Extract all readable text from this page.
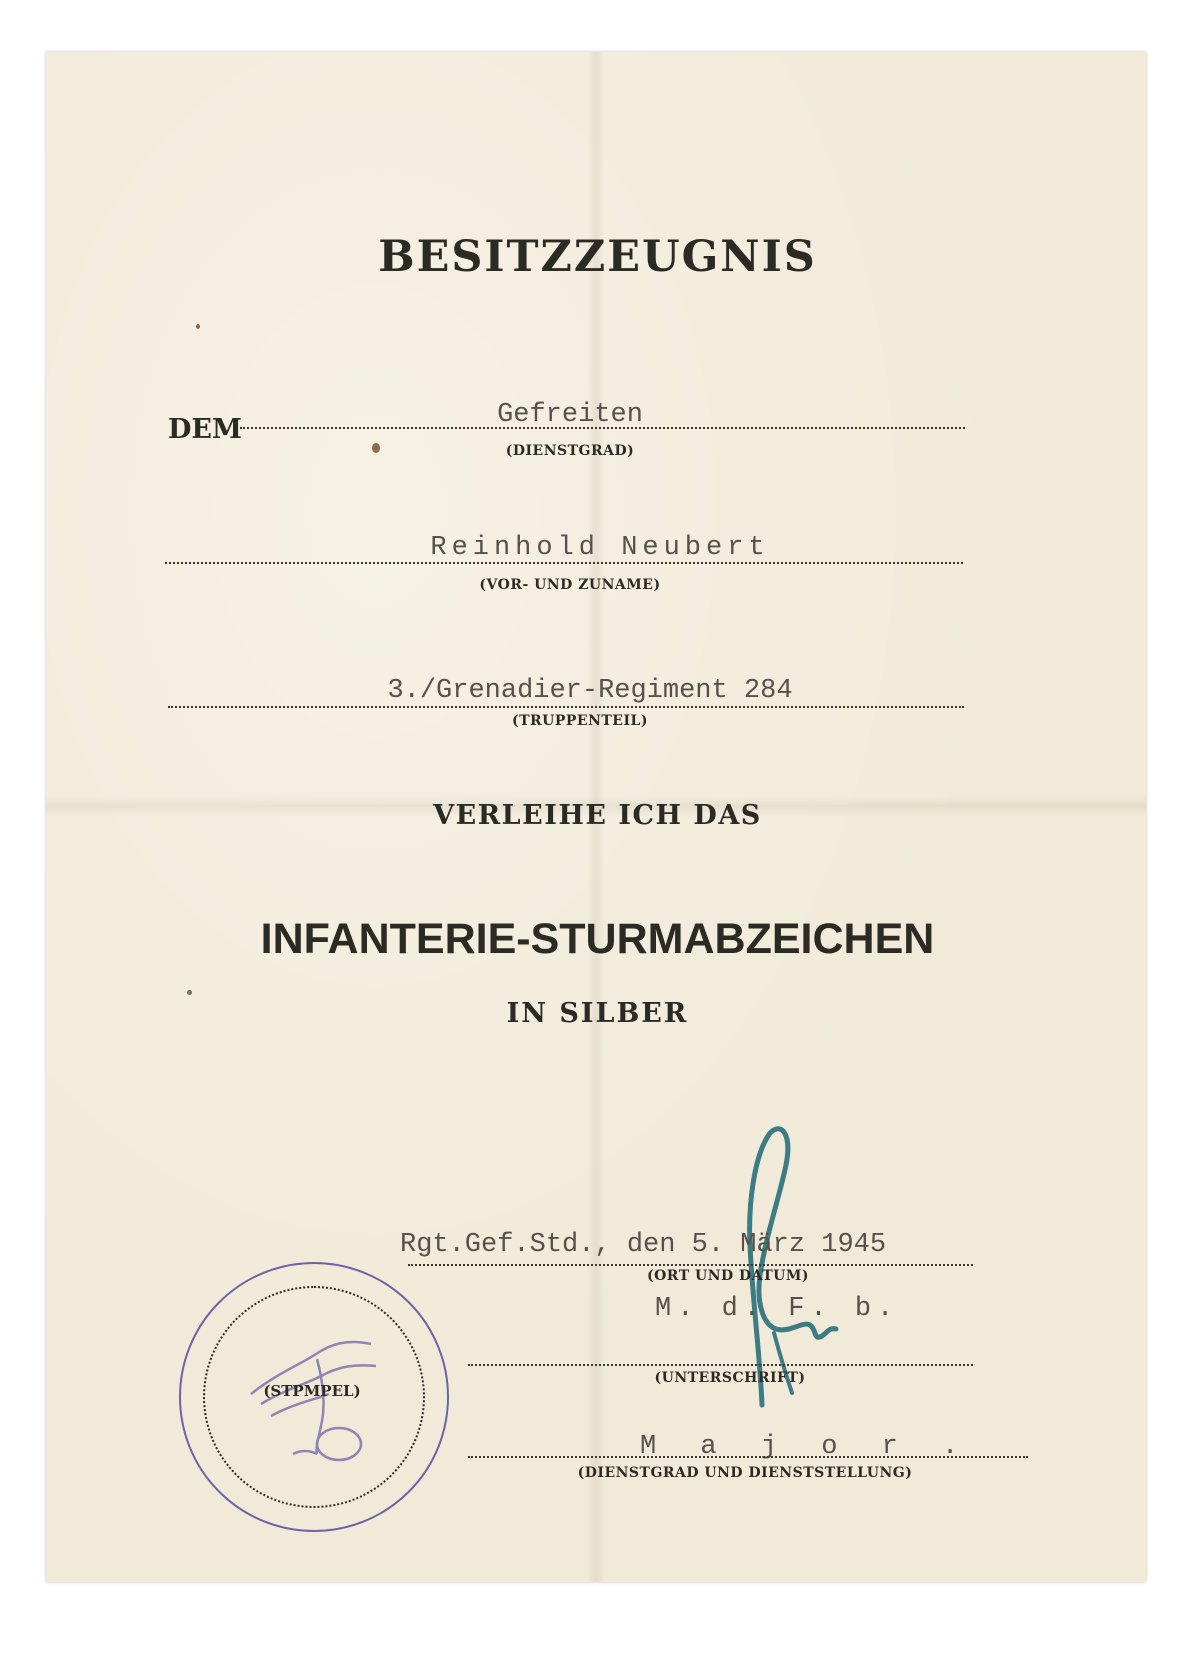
BESITZZEUGNIS
DEM	Gefreiten
(DIENSTGRAD)
Reinhold Neubert
(VOR- UND ZUNAME)
3./Grenadier-Regiment 284
(TRUPPENTEIL)
VERLEIHE ICH DAS
INFANTERIE-STURMABZEICHEN
IN SILBER
Rgt.Gef.Std., den 5. März 1945
(ORT UND DATUM)
M. d. F. b.
(UNTERSCHRIFT)
M a j o r .
(DIENSTGRAD UND DIENSTSTELLUNG)
(STPMPEL)
